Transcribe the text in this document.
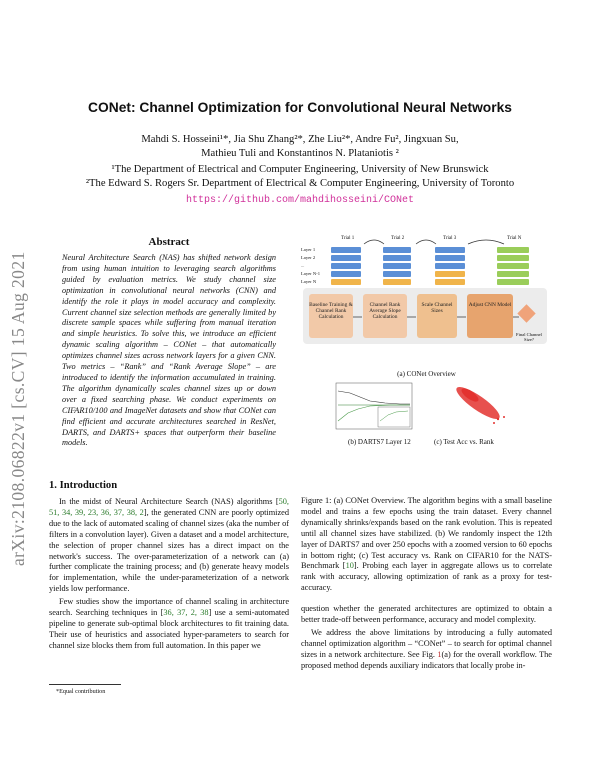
arXiv:2108.06822v1 [cs.CV] 15 Aug 2021
CONet: Channel Optimization for Convolutional Neural Networks
Mahdi S. Hosseini¹*, Jia Shu Zhang²*, Zhe Liu²*, Andre Fu², Jingxuan Su,
Mathieu Tuli and Konstantinos N. Plataniotis ²
¹The Department of Electrical and Computer Engineering, University of New Brunswick
²The Edward S. Rogers Sr. Department of Electrical & Computer Engineering, University of Toronto
https://github.com/mahdihosseini/CONet
Abstract
Neural Architecture Search (NAS) has shifted network design from using human intuition to leveraging search algorithms guided by evaluation metrics. We study channel size optimization in convolutional neural networks (CNN) and identify the role it plays in model accuracy and complexity. Current channel size selection methods are generally limited by discrete sample spaces while suffering from manual iteration and simple heuristics. To solve this, we introduce an efficient dynamic scaling algorithm – CONet – that automatically optimizes channel sizes across network layers for a given CNN. Two metrics – “Rank” and “Rank Average Slope” – are introduced to identify the information accumulated in training. The algorithm dynamically scales channel sizes up or down over a fixed searching phase. We conduct experiments on CIFAR10/100 and ImageNet datasets and show that CONet can find efficient and accurate architectures searched in ResNet, DARTS, and DARTS+ spaces that outperform their baseline models.
1. Introduction

In the midst of Neural Architecture Search (NAS) algorithms [50, 51, 34, 39, 23, 36, 37, 38, 2], the generated CNN are poorly optimized due to the lack of automated scaling of channel sizes (aka the number of filters in a convolution layer). Given a dataset and a model architecture, the selection of proper channel sizes has a direct impact on the network's success. The over-parameterization of a network can (a) further complicate the training process; and (b) generate heavy models for implementation, while the under-parameterization of a network yields low performance.

Few studies show the importance of channel scaling in architecture search. Searching techniques in [36, 37, 2, 38] use a semi-automated pipeline to generate sub-optimal block architectures to fit training data. Their use of heuristics and associated hyper-parameters to search for channel size blocks them from full automation. In this paper we

*Equal contribution
Trial 1	Trial 2	Trial 3	Trial N
Layer 1
Layer 2
...
Layer N-1
Layer N
Baseline Training & Channel Rank Calculation
Channel Rank Average Slope Calculation
Scale Channel Sizes
Adjust CNN Model
Final Channel Size?
(a) CONet Overview
(b) DARTS7 Layer 12	(c) Test Acc vs. Rank
Figure 1: (a) CONet Overview. The algorithm begins with a small baseline model and trains a few epochs using the train dataset. Every channel dynamically shrinks/expands based on the rank evolution. This is repeated until all channel sizes have stabilized. (b) We randomly inspect the 12th layer of DARTS7 and over 250 epochs with a zoomed version to 60 epochs in bottom right; (c) Test accuracy vs. Rank on CIFAR10 for the NATS-Benchmark [10]. Probing each layer in aggregate allows us to correlate rank with accuracy, allowing optimization of rank as a proxy for test-accuracy.

question whether the generated architectures are optimized to obtain a better trade-off between performance, accuracy and model complexity.

We address the above limitations by introducing a fully automated channel optimization algorithm – “CONet” – to search for optimal channel sizes in a network architecture. See Fig. 1(a) for the overall workflow. The proposed method depends auxiliary indicators that locally probe in-
